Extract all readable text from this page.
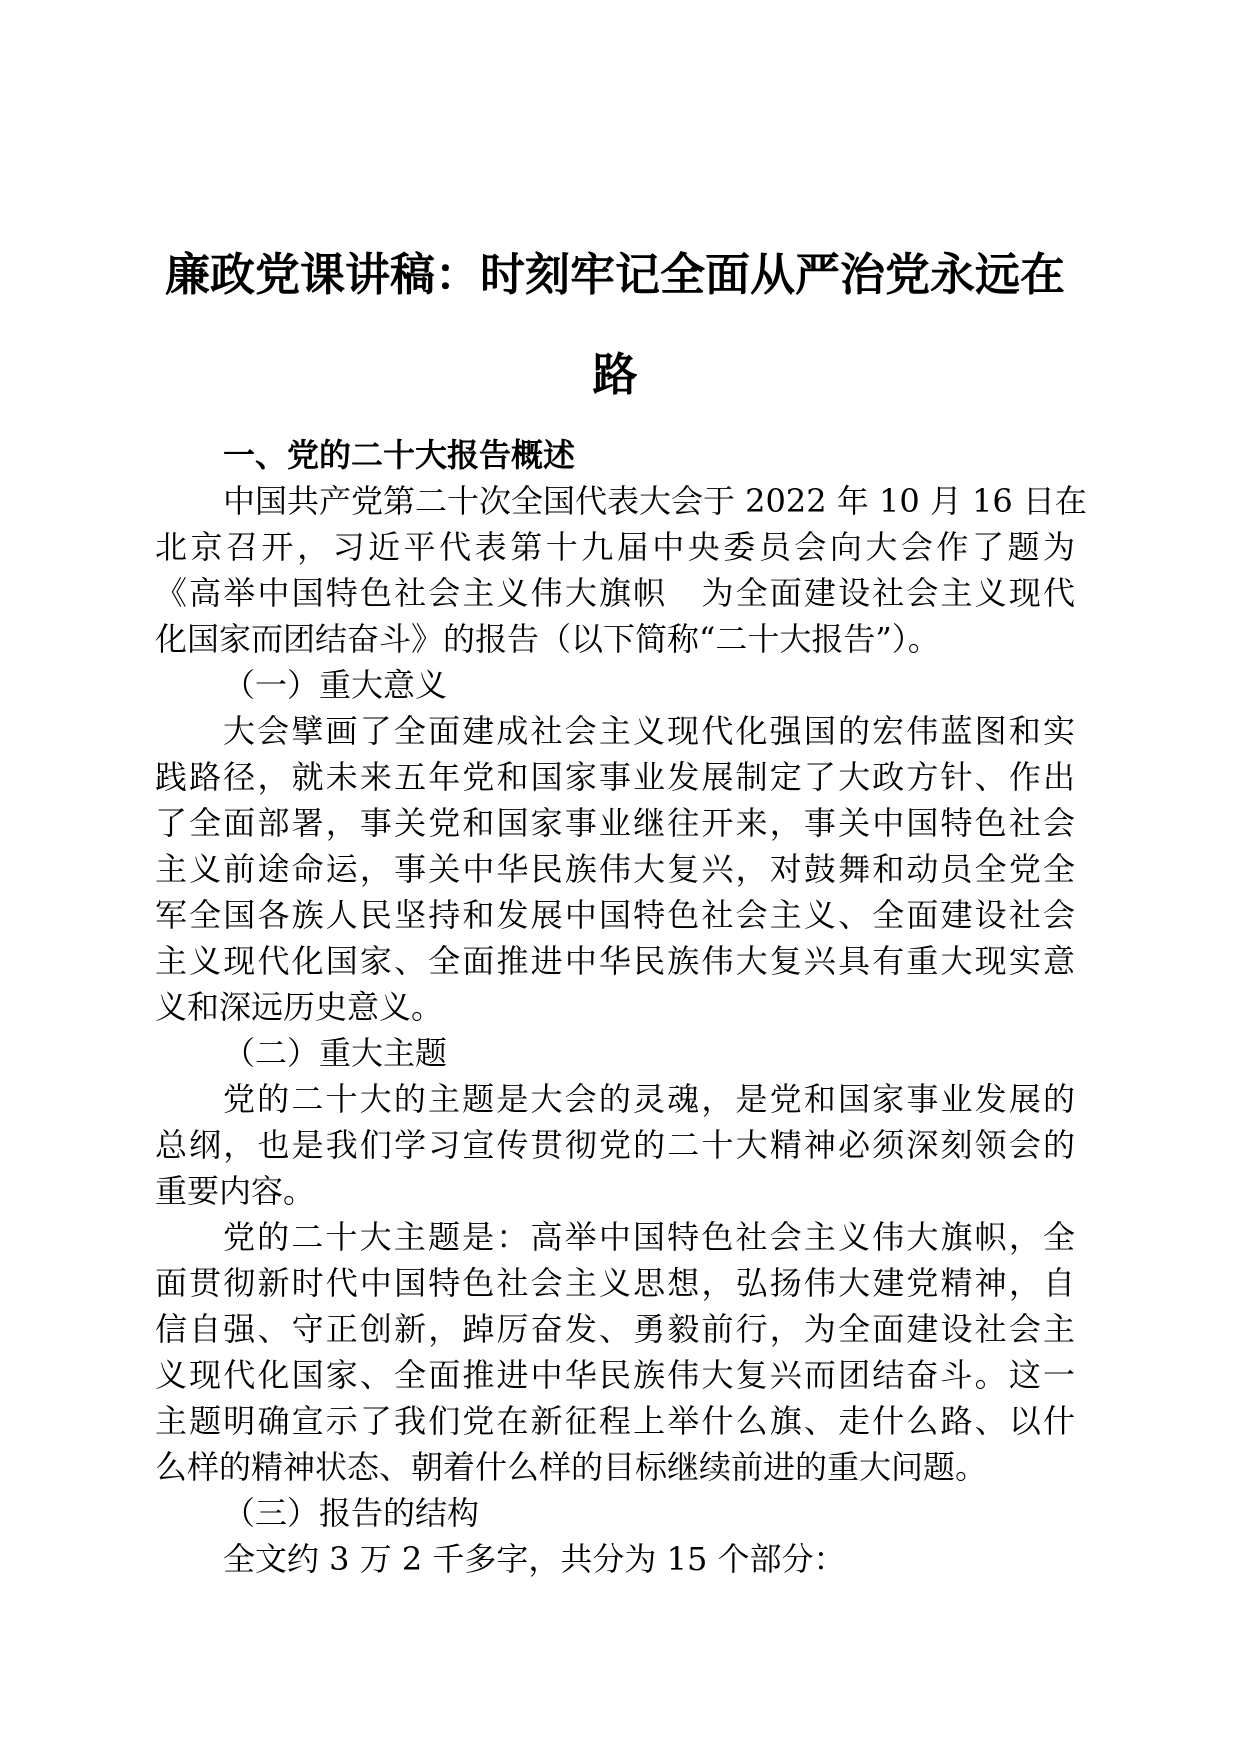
廉政党课讲稿：时刻牢记全面从严治党永远在
路
一、党的二十大报告概述
中国共产党第二十次全国代表大会于 2022 年 10 月 16 日在
北京召开，习近平代表第十九届中央委员会向大会作了题为
《高举中国特色社会主义伟大旗帜　为全面建设社会主义现代
化国家而团结奋斗》的报告（以下简称“二十大报告”）。
（一）重大意义
大会擘画了全面建成社会主义现代化强国的宏伟蓝图和实
践路径，就未来五年党和国家事业发展制定了大政方针、作出
了全面部署，事关党和国家事业继往开来，事关中国特色社会
主义前途命运，事关中华民族伟大复兴，对鼓舞和动员全党全
军全国各族人民坚持和发展中国特色社会主义、全面建设社会
主义现代化国家、全面推进中华民族伟大复兴具有重大现实意
义和深远历史意义。
（二）重大主题
党的二十大的主题是大会的灵魂，是党和国家事业发展的
总纲，也是我们学习宣传贯彻党的二十大精神必须深刻领会的
重要内容。
党的二十大主题是：高举中国特色社会主义伟大旗帜，全
面贯彻新时代中国特色社会主义思想，弘扬伟大建党精神，自
信自强、守正创新，踔厉奋发、勇毅前行，为全面建设社会主
义现代化国家、全面推进中华民族伟大复兴而团结奋斗。这一
主题明确宣示了我们党在新征程上举什么旗、走什么路、以什
么样的精神状态、朝着什么样的目标继续前进的重大问题。
（三）报告的结构
全文约 3 万 2 千多字，共分为 15 个部分：
